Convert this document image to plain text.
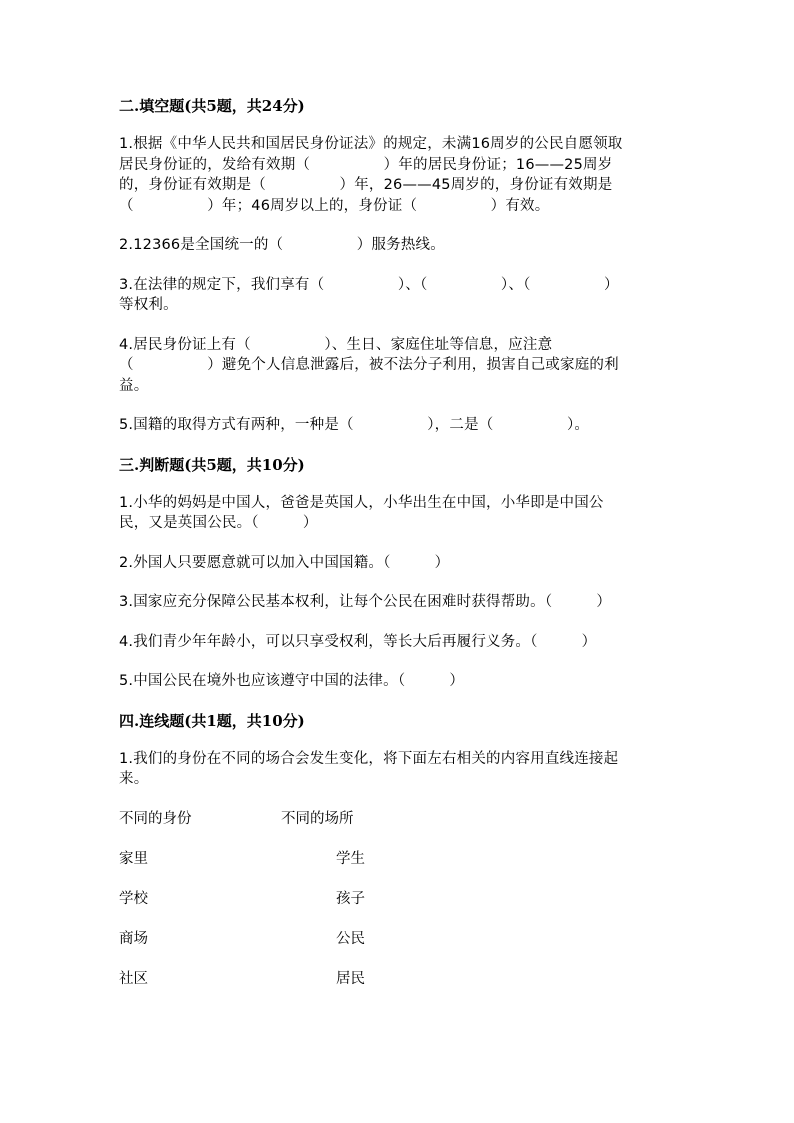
二.填空题(共5题，共24分)
1.根据《中华人民共和国居民身份证法》的规定，未满16周岁的公民自愿领取
居民身份证的，发给有效期（　　　　　）年的居民身份证；16——25周岁
的，身份证有效期是（　　　　　）年，26——45周岁的，身份证有效期是
（　　　　　）年；46周岁以上的，身份证（　　　　　）有效。
2.12366是全国统一的（　　　　　）服务热线。
3.在法律的规定下，我们享有（　　　　　）、（　　　　　）、（　　　　　）
等权利。
4.居民身份证上有（　　　　　）、生日、家庭住址等信息，应注意
（　　　　　）避免个人信息泄露后，被不法分子利用，损害自己或家庭的利
益。
5.国籍的取得方式有两种，一种是（　　　　　），二是（　　　　　）。
三.判断题(共5题，共10分)
1.小华的妈妈是中国人，爸爸是英国人，小华出生在中国，小华即是中国公
民，又是英国公民。（　　　）
2.外国人只要愿意就可以加入中国国籍。（　　　）
3.国家应充分保障公民基本权利，让每个公民在困难时获得帮助。（　　　）
4.我们青少年年龄小，可以只享受权利，等长大后再履行义务。（　　　）
5.中国公民在境外也应该遵守中国的法律。（　　　）
四.连线题(共1题，共10分)
1.我们的身份在不同的场合会发生变化，将下面左右相关的内容用直线连接起
来。
不同的身份	不同的场所
家里	学生
学校	孩子
商场	公民
社区	居民
